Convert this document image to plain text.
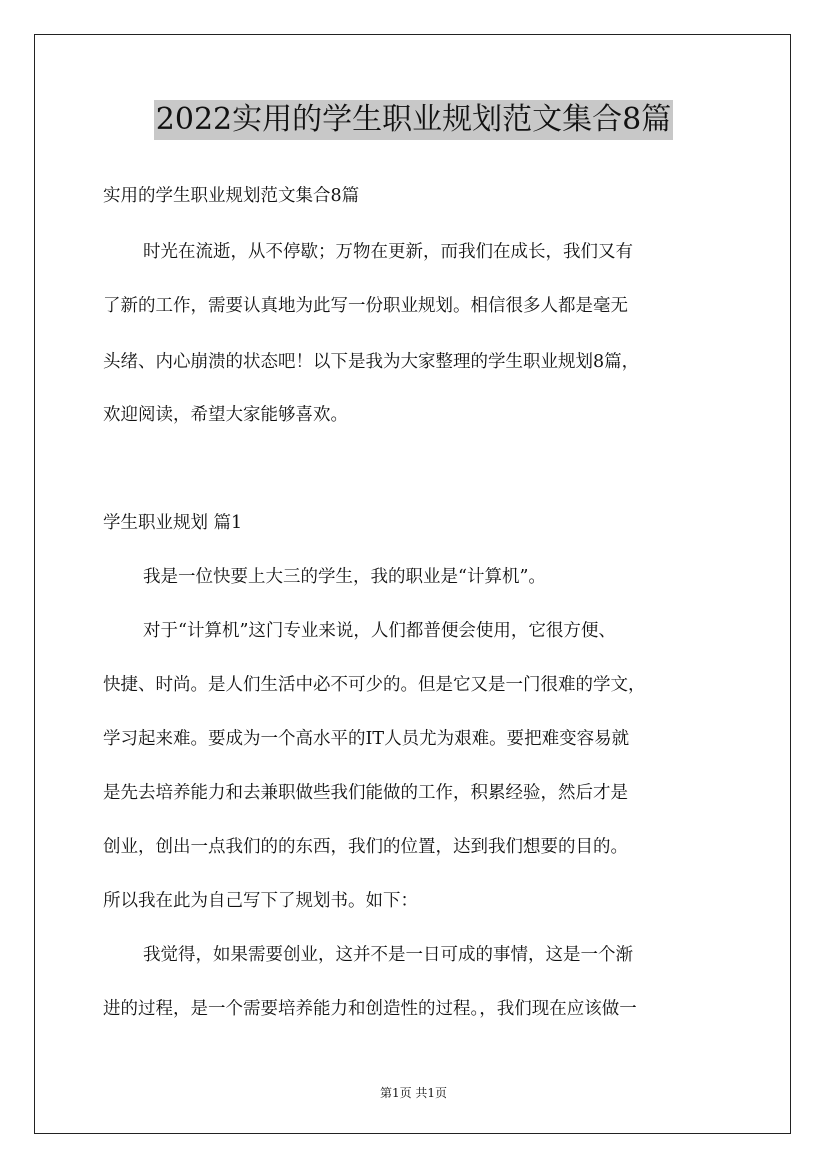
2022实用的学生职业规划范文集合8篇
实用的学生职业规划范文集合8篇
时光在流逝，从不停歇；万物在更新，而我们在成长，我们又有
了新的工作，需要认真地为此写一份职业规划。相信很多人都是毫无
头绪、内心崩溃的状态吧！以下是我为大家整理的学生职业规划8篇，
欢迎阅读，希望大家能够喜欢。
学生职业规划 篇1
我是一位快要上大三的学生，我的职业是“计算机”。
对于“计算机”这门专业来说，人们都普便会使用，它很方便、
快捷、时尚。是人们生活中必不可少的。但是它又是一门很难的学文，
学习起来难。要成为一个高水平的IT人员尤为艰难。要把难变容易就
是先去培养能力和去兼职做些我们能做的工作，积累经验，然后才是
创业，创出一点我们的的东西，我们的位置，达到我们想要的目的。
所以我在此为自己写下了规划书。如下：
我觉得，如果需要创业，这并不是一日可成的事情，这是一个渐
进的过程，是一个需要培养能力和创造性的过程。，我们现在应该做一
第1页 共1页
